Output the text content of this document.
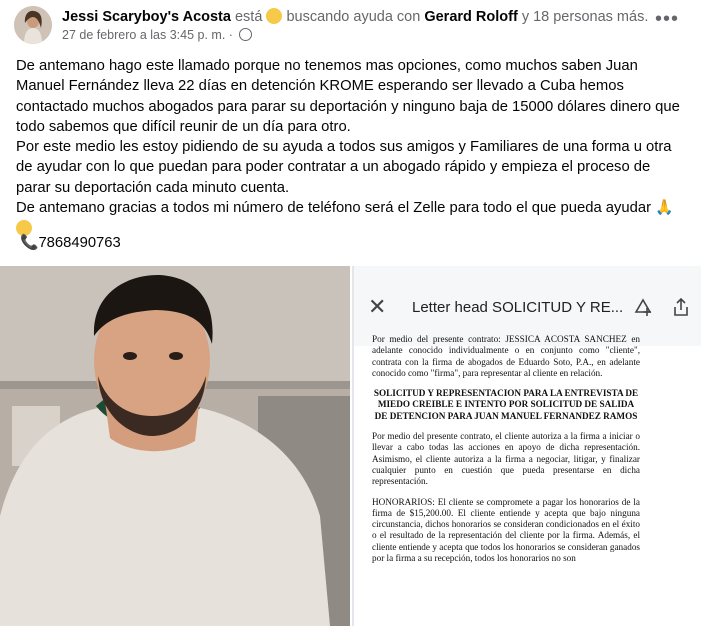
Jessi Scaryboy's Acosta está buscando ayuda con Gerard Roloff y 18 personas más.
27 de febrero a las 3:45 p. m. ·
•••

De antemano hago este llamado porque no tenemos mas opciones, como muchos saben Juan Manuel Fernández lleva 22 días en detención KROME esperando ser llevado a Cuba hemos contactado muchos abogados para parar su deportación y ninguno baja de 15000 dólares dinero que todo sabemos que difícil reunir de un día para otro.

Por este medio les estoy pidiendo de su ayuda a todos sus amigos y Familiares de una forma u otra de ayudar con lo que puedan para poder contratar a un abogado rápido y empieza el proceso de parar su deportación cada minuto cuenta.

De antemano gracias a todos mi número de teléfono será el Zelle para todo el que pueda ayudar 🙏

📞7868490763
✕ Letter head SOLICITUD Y RE...

Por medio del presente contrato: JESSICA ACOSTA SANCHEZ en adelante conocido individualmente o en conjunto como "cliente", contrata con la firma de abogados de Eduardo Soto, P.A., en adelante conocido como "firma", para representar al cliente en relación.

SOLICITUD Y REPRESENTACION PARA LA ENTREVISTA DE MIEDO CREIBLE E INTENTO POR SOLICITUD DE SALIDA DE DETENCION PARA JUAN MANUEL FERNANDEZ RAMOS

Por medio del presente contrato, el cliente autoriza a la firma a iniciar o llevar a cabo todas las acciones en apoyo de dicha representación. Asimismo, el cliente autoriza a la firma a negociar, litigar, y finalizar cualquier punto en cuestión que pueda presentarse en dicha representación.

HONORARIOS: El cliente se compromete a pagar los honorarios de la firma de $15,200.00. El cliente entiende y acepta que bajo ninguna circunstancia, dichos honorarios se consideran condicionados en el éxito o el resultado de la representación del cliente por la firma. Además, el cliente entiende y acepta que todos los honorarios se consideran ganados por la firma a su recepción, todos los honorarios no son
